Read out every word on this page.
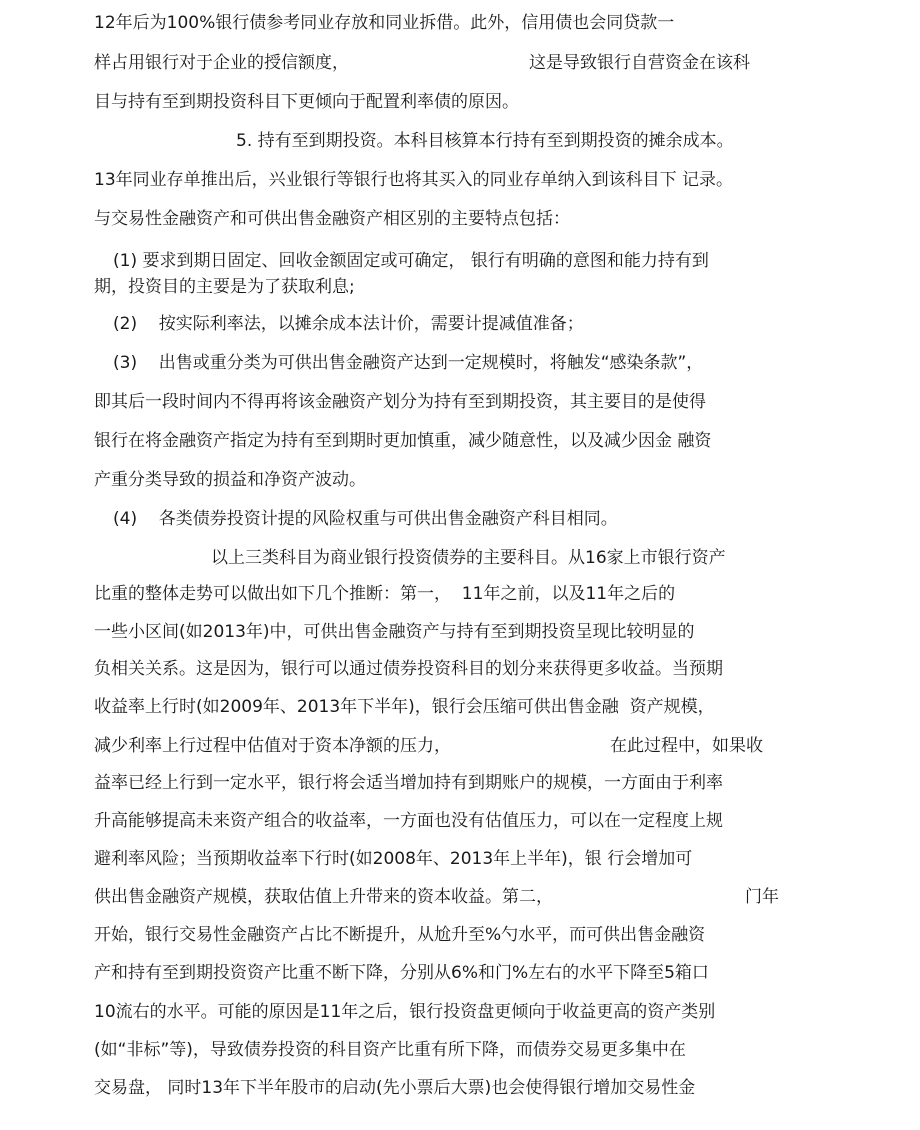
12年后为100%银行债参考同业存放和同业拆借。此外，信用债也会同贷款一
样占用银行对于企业的授信额度，	这是导致银行自营资金在该科
目与持有至到期投资科目下更倾向于配置利率债的原因。
5. 持有至到期投资。本科目核算本行持有至到期投资的摊余成本。
13年同业存单推出后，兴业银行等银行也将其买入的同业存单纳入到该科目下 记录。
与交易性金融资产和可供出售金融资产相区别的主要特点包括：
(1) 要求到期日固定、回收金额固定或可确定， 银行有明确的意图和能力持有到
期，投资目的主要是为了获取利息;
(2)    按实际利率法，以摊余成本法计价，需要计提减值准备；
(3)    出售或重分类为可供出售金融资产达到一定规模时，将触发“感染条款”，
即其后一段时间内不得再将该金融资产划分为持有至到期投资，其主要目的是使得
银行在将金融资产指定为持有至到期时更加慎重，减少随意性，以及减少因金 融资
产重分类导致的损益和净资产波动。
(4)    各类债券投资计提的风险权重与可供出售金融资产科目相同。
以上三类科目为商业银行投资债券的主要科目。从16家上市银行资产
比重的整体走势可以做出如下几个推断：第一，  11年之前，以及11年之后的
一些小区间(如2013年)中，可供出售金融资产与持有至到期投资呈现比较明显的
负相关关系。这是因为，银行可以通过债券投资科目的划分来获得更多收益。当预期
收益率上行时(如2009年、2013年下半年)，银行会压缩可供出售金融  资产规模，
减少利率上行过程中估值对于资本净额的压力，	在此过程中，如果收
益率已经上行到一定水平，银行将会适当增加持有到期账户的规模，一方面由于利率
升高能够提高未来资产组合的收益率，一方面也没有估值压力，可以在一定程度上规
避利率风险；当预期收益率下行时(如2008年、2013年上半年)，银 行会增加可
供出售金融资产规模，获取估值上升带来的资本收益。第二，	门年
开始，银行交易性金融资产占比不断提升，从尬升至%勺水平，而可供出售金融资
产和持有至到期投资资产比重不断下降，分别从6%和门%左右的水平下降至5箱口
10流右的水平。可能的原因是11年之后，银行投资盘更倾向于收益更高的资产类别
(如“非标”等)，导致债券投资的科目资产比重有所下降，而债券交易更多集中在
交易盘， 同时13年下半年股市的启动(先小票后大票)也会使得银行增加交易性金
